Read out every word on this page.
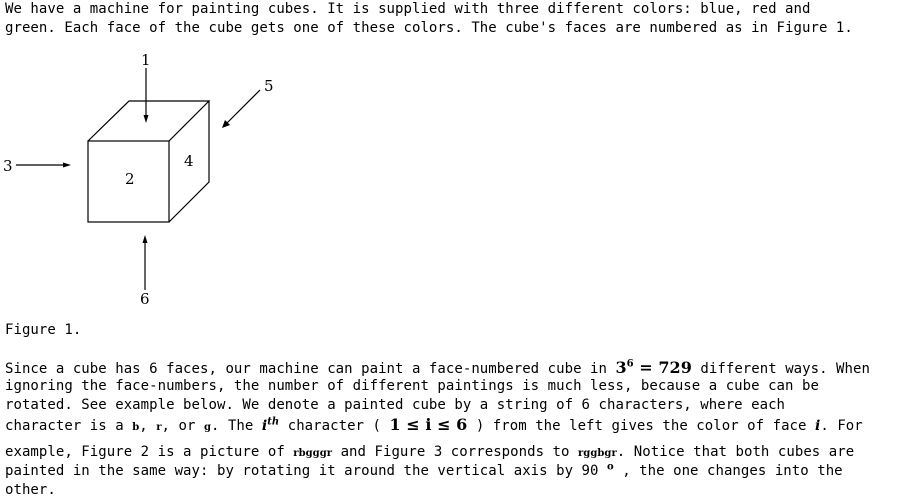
We have a machine for painting cubes. It is supplied with three different colors: blue, red and
green. Each face of the cube gets one of these colors. The cube's faces are numbered as in Figure 1.
1
2
3	4
5
6
Figure 1.
Since a cube has 6 faces, our machine can paint a face-numbered cube in $3^6 = 729$ different ways. When
ignoring the face-numbers, the number of different paintings is much less, because a cube can be
rotated. See example below. We denote a painted cube by a string of 6 characters, where each
character is a b, r, or g. The $i^{th}$ character ( 1 ≤ i ≤ 6 ) from the left gives the color of face i. For
example, Figure 2 is a picture of rbgggr and Figure 3 corresponds to rggbgr. Notice that both cubes are
painted in the same way: by rotating it around the vertical axis by 90 $^o$ , the one changes into the
other.
